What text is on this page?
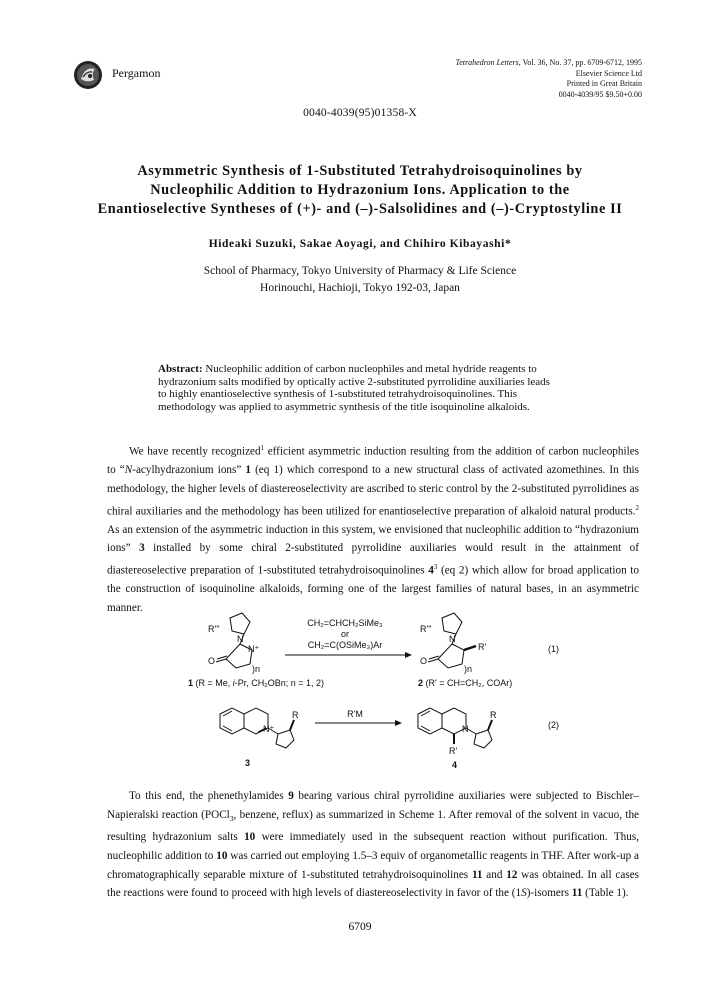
Pergamon
Tetrahedron Letters, Vol. 36, No. 37, pp. 6709-6712, 1995
Elsevier Science Ltd
Printed in Great Britain
0040-4039/95 $9.50+0.00
0040-4039(95)01358-X
Asymmetric Synthesis of 1-Substituted Tetrahydroisoquinolines by
Nucleophilic Addition to Hydrazonium Ions. Application to the
Enantioselective Syntheses of (+)- and (–)-Salsolidines and (–)-Cryptostyline II
Hideaki Suzuki, Sakae Aoyagi, and Chihiro Kibayashi*
School of Pharmacy, Tokyo University of Pharmacy & Life Science
Horinouchi, Hachioji, Tokyo 192-03, Japan
Abstract: Nucleophilic addition of carbon nucleophiles and metal hydride reagents to
hydrazonium salts modified by optically active 2-substituted pyrrolidine auxiliaries leads
to highly enantioselective synthesis of 1-substituted tetrahydroisoquinolines. This
methodology was applied to asymmetric synthesis of the title isoquinoline alkaloids.
We have recently recognized$^1$ efficient asymmetric induction resulting from the addition of carbon nucleophiles to “N-acylhydrazonium ions” 1 (eq 1) which correspond to a new structural class of activated azomethines. In this methodology, the higher levels of diastereoselectivity are ascribed to steric control by the 2-substituted pyrrolidines as chiral auxiliaries and the methodology has been utilized for enantioselective preparation of alkaloid natural products.$^2$ As an extension of the asymmetric induction in this system, we envisioned that nucleophilic addition to “hydrazonium ions” 3 installed by some chiral 2-substituted pyrrolidine auxiliaries would result in the attainment of diastereoselective preparation of 1-substituted tetrahydroisoquinolines $4^3$ (eq 2) which allow for broad application to the construction of isoquinoline alkaloids, forming one of the largest families of natural bases, in an asymmetric manner.
R'''
N
N⁺
O
)n
1 (R = Me, i-Pr, CH₂OBn; n = 1, 2)
CH₂=CHCH₂SiMe₃
or
CH₂=C(OSiMe₃)Ar
R'''
N
O
R'
)n
2 (R' = CH=CH₂, COAr)
(1)
N⁺
R
3
R'M
N
R
R'
4
(2)
To this end, the phenethylamides 9 bearing various chiral pyrrolidine auxiliaries were subjected to Bischler–Napieralski reaction (POCl$_3$, benzene, reflux) as summarized in Scheme 1. After removal of the solvent in vacuo, the resulting hydrazonium salts 10 were immediately used in the subsequent reaction without purification. Thus, nucleophilic addition to 10 was carried out employing 1.5–3 equiv of organometallic reagents in THF. After work-up a chromatographically separable mixture of 1-substituted tetrahydroisoquinolines 11 and 12 was obtained. In all cases the reactions were found to proceed with high levels of diastereoselectivity in favor of the (1S)-isomers 11 (Table 1).
6709
